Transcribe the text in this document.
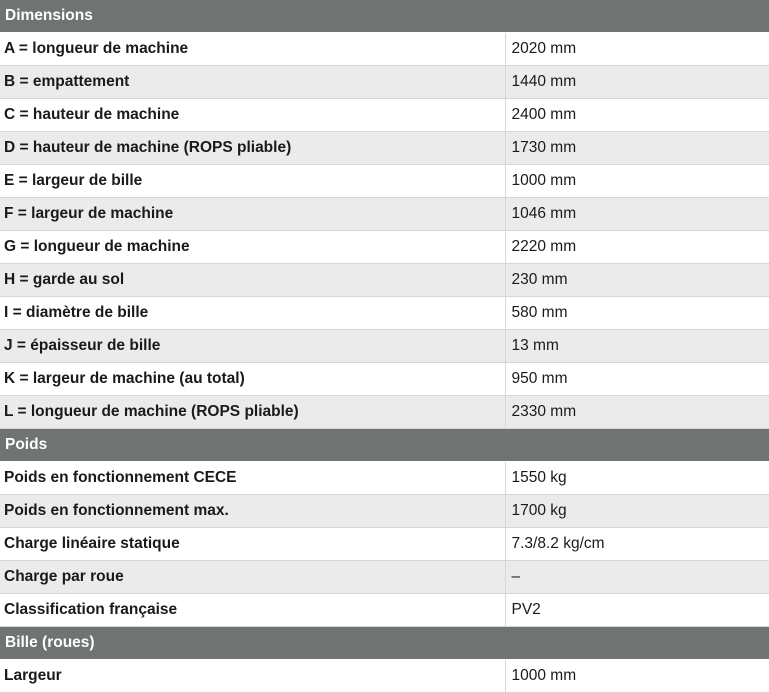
Dimensions	
A = longueur de machine	2020 mm
B = empattement	1440 mm
C = hauteur de machine	2400 mm
D = hauteur de machine (ROPS pliable)	1730 mm
E = largeur de bille	1000 mm
F = largeur de machine	1046 mm
G = longueur de machine	2220 mm
H = garde au sol	230 mm
I = diamètre de bille	580 mm
J = épaisseur de bille	13 mm
K = largeur de machine (au total)	950 mm
L = longueur de machine (ROPS pliable)	2330 mm
Poids	
Poids en fonctionnement CECE	1550 kg
Poids en fonctionnement max.	1700 kg
Charge linéaire statique	7.3/8.2 kg/cm
Charge par roue	–
Classification française	PV2
Bille (roues)	
Largeur	1000 mm
